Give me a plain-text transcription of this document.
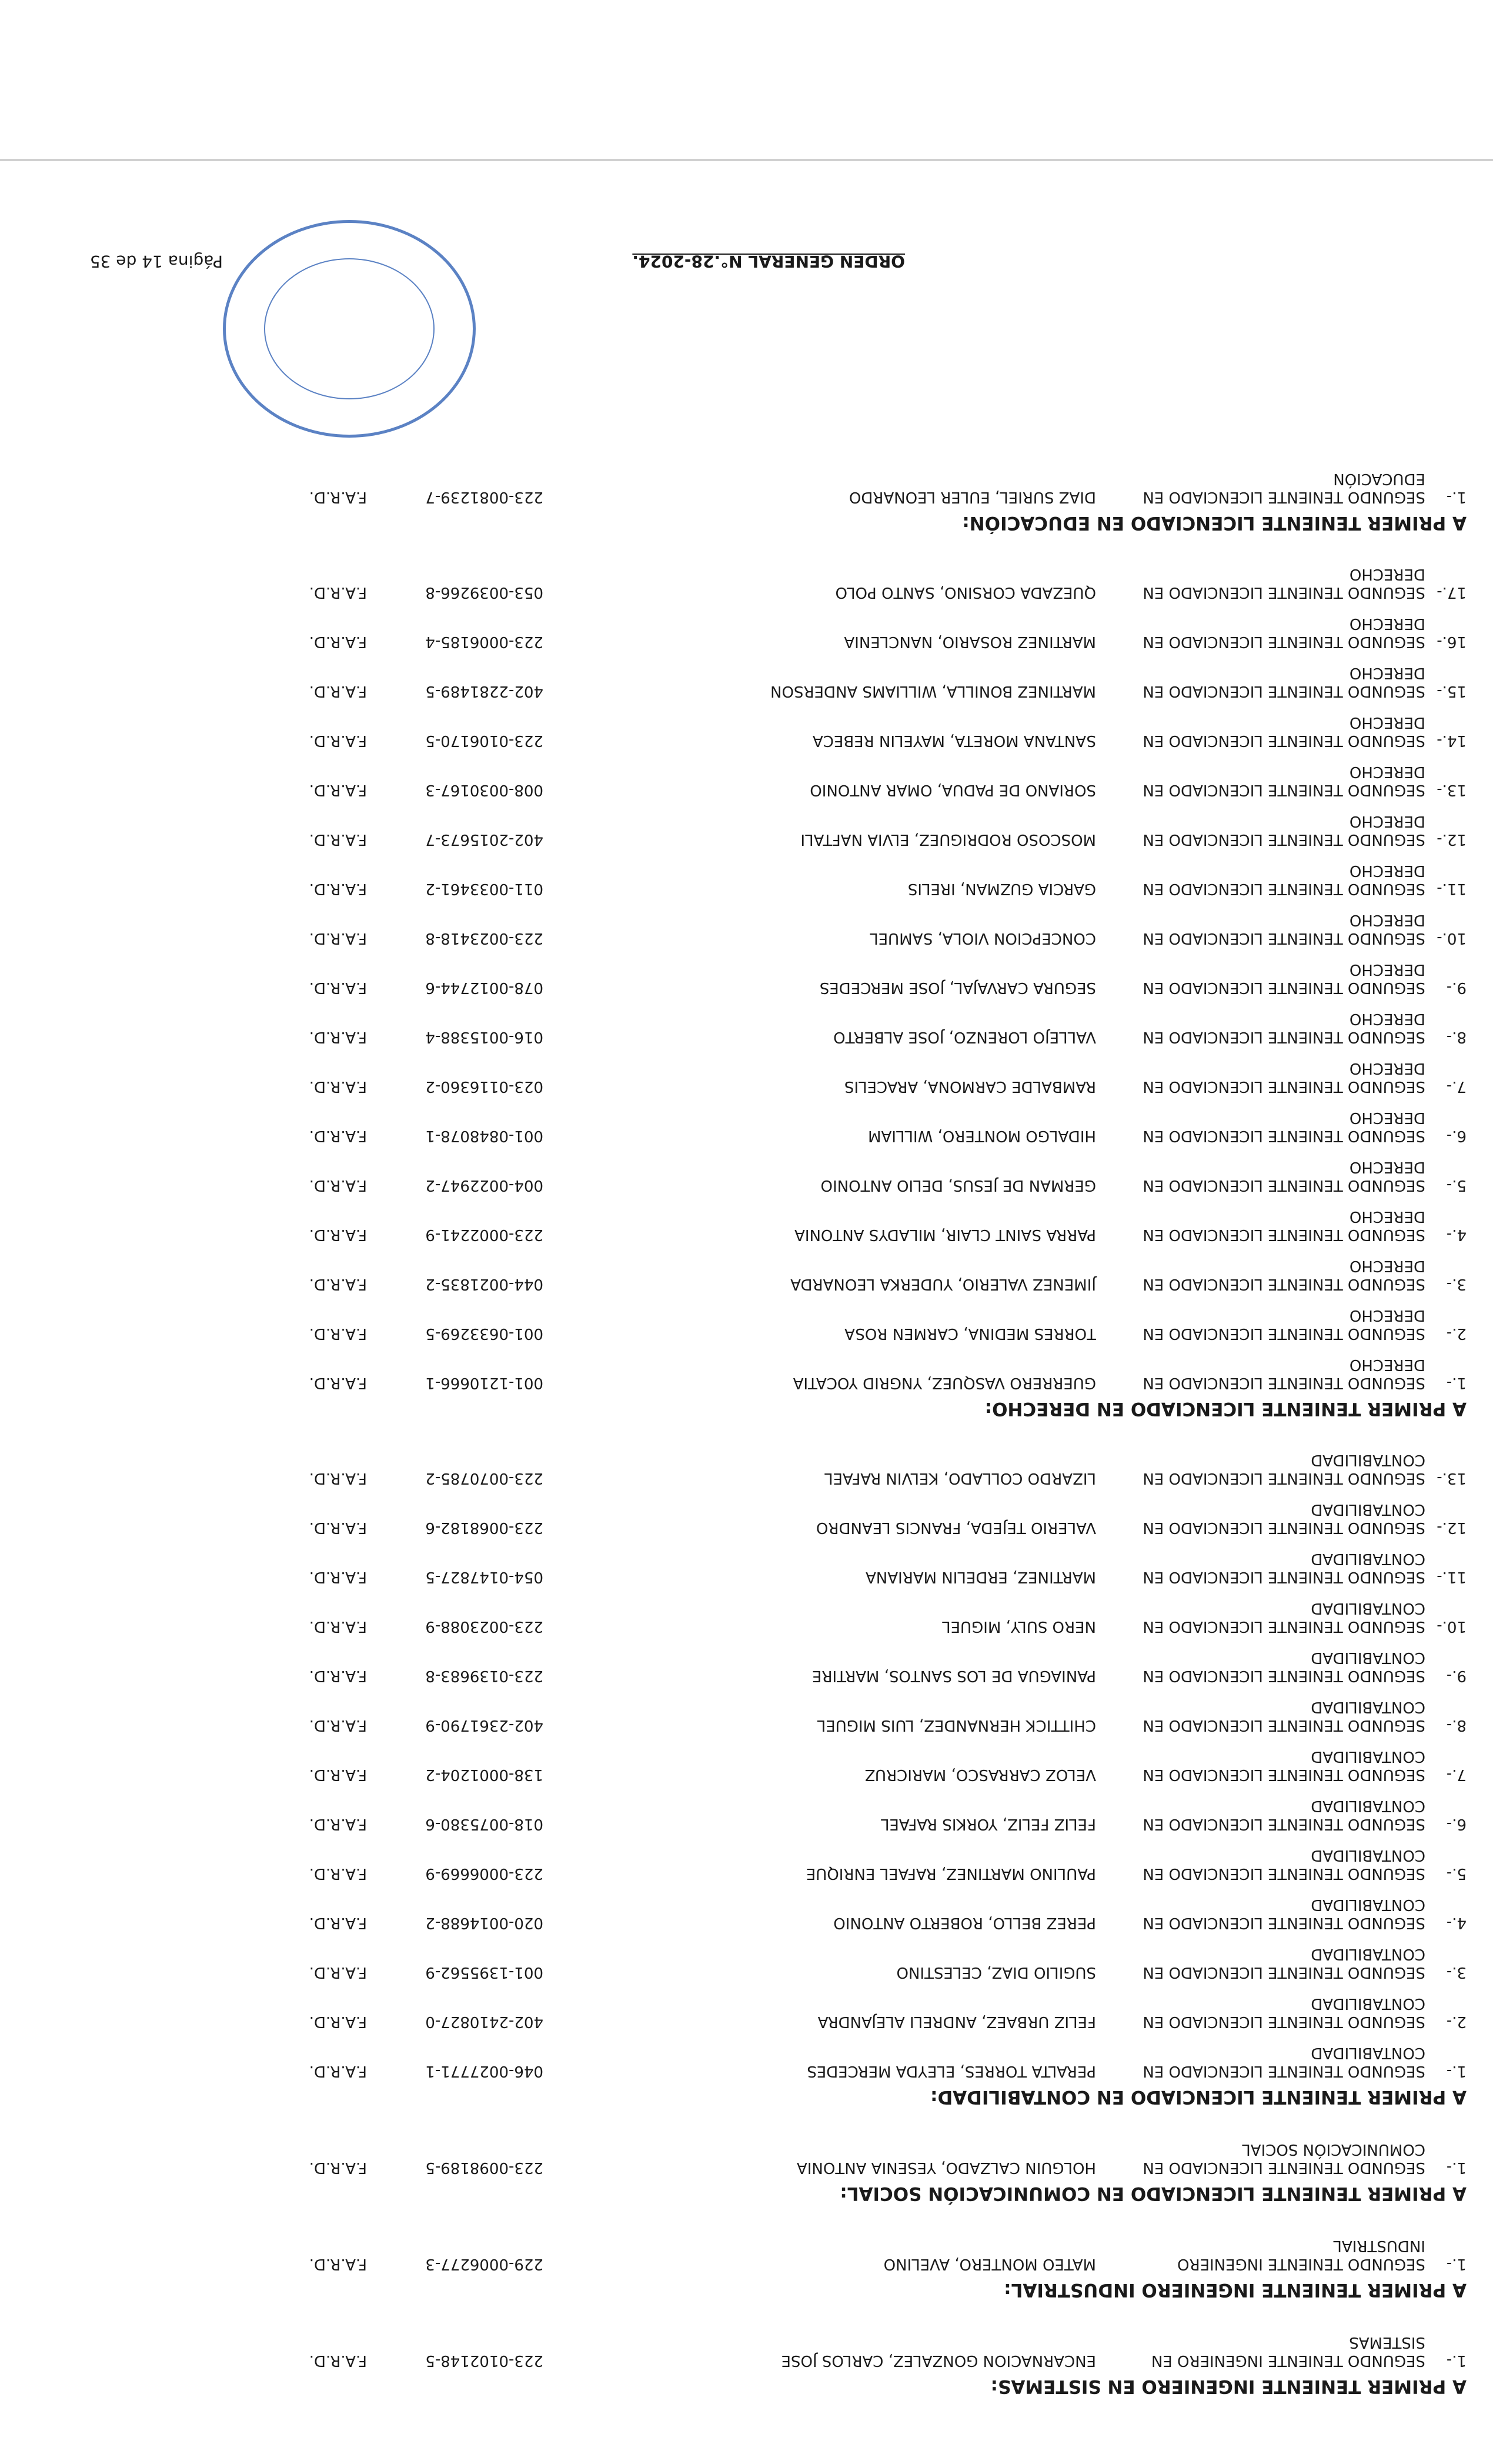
A PRIMER TENIENTE INGENIERO EN SISTEMAS:
1.-
SEGUNDO TENIENTE INGENIERO EN SISTEMAS
ENCARNACION GONZALEZ, CARLOS JOSE
223-0102148-5
F.A.R.D.
A PRIMER TENIENTE INGENIERO INDUSTRIAL:
1.-
SEGUNDO TENIENTE INGENIERO INDUSTRIAL
MATEO MONTERO, AVELINO
229-0006277-3
F.A.R.D.
A PRIMER TENIENTE LICENCIADO EN COMUNICACIÓN SOCIAL:
1.-
SEGUNDO TENIENTE LICENCIADO EN COMUNICACIÓN SOCIAL
HOLGUIN CALZADO, YESENIA ANTONIA
223-0098189-5
F.A.R.D.
A PRIMER TENIENTE LICENCIADO EN CONTABILIDAD:
1.-
SEGUNDO TENIENTE LICENCIADO EN CONTABILIDAD
PERALTA TORRES, ELEYDA MERCEDES
046-0027771-1
F.A.R.D.
2.-
SEGUNDO TENIENTE LICENCIADO EN CONTABILIDAD
FELIZ URBAEZ, ANDRELI ALEJANDRA
402-2410827-0
F.A.R.D.
3.-
SEGUNDO TENIENTE LICENCIADO EN CONTABILIDAD
SUGILIO DIAZ, CELESTINO
001-1395562-9
F.A.R.D.
4.-
SEGUNDO TENIENTE LICENCIADO EN CONTABILIDAD
PEREZ BELLO, ROBERTO ANTONIO
020-0014688-2
F.A.R.D.
5.-
SEGUNDO TENIENTE LICENCIADO EN CONTABILIDAD
PAULINO MARTINEZ, RAFAEL ENRIQUE
223-0006669-9
F.A.R.D.
6.-
SEGUNDO TENIENTE LICENCIADO EN CONTABILIDAD
FELIZ FELIZ, YORKIS RAFAEL
018-0075380-6
F.A.R.D.
7.-
SEGUNDO TENIENTE LICENCIADO EN CONTABILIDAD
VELOZ CARRASCO, MARICRUZ
138-0001204-2
F.A.R.D.
8.-
SEGUNDO TENIENTE LICENCIADO EN CONTABILIDAD
CHITTICK HERNANDEZ, LUIS MIGUEL
402-2361790-9
F.A.R.D.
9.-
SEGUNDO TENIENTE LICENCIADO EN CONTABILIDAD
PANIAGUA DE LOS SANTOS, MARTIRE
223-0139683-8
F.A.R.D.
10.-
SEGUNDO TENIENTE LICENCIADO EN CONTABILIDAD
NERO SULY, MIGUEL
223-0023088-9
F.A.R.D.
11.-
SEGUNDO TENIENTE LICENCIADO EN CONTABILIDAD
MARTINEZ, ERDELIN MARIANA
054-0147827-5
F.A.R.D.
12.-
SEGUNDO TENIENTE LICENCIADO EN CONTABILIDAD
VALERIO TEJEDA, FRANCIS LEANDRO
223-0068182-6
F.A.R.D.
13.-
SEGUNDO TENIENTE LICENCIADO EN CONTABILIDAD
LIZARDO COLLADO, KELVIN RAFAEL
223-0070785-2
F.A.R.D.
A PRIMER TENIENTE LICENCIADO EN DERECHO:
1.-
SEGUNDO TENIENTE LICENCIADO EN DERECHO
GUERRERO VASQUEZ, YNGRID YOCATIA
001-1210666-1
F.A.R.D.
2.-
SEGUNDO TENIENTE LICENCIADO EN DERECHO
TORRES MEDINA, CARMEN ROSA
001-0633269-5
F.A.R.D.
3.-
SEGUNDO TENIENTE LICENCIADO EN DERECHO
JIMENEZ VALERIO, YUDERKA LEONARDA
044-0021835-2
F.A.R.D.
4.-
SEGUNDO TENIENTE LICENCIADO EN DERECHO
PARRA SAINT CLAIR, MILADYS ANTONIA
223-0002241-9
F.A.R.D.
5.-
SEGUNDO TENIENTE LICENCIADO EN DERECHO
GERMAN DE JESUS, DELIO ANTONIO
004-0022947-2
F.A.R.D.
6.-
SEGUNDO TENIENTE LICENCIADO EN DERECHO
HIDALGO MONTERO, WILLIAM
001-0848078-1
F.A.R.D.
7.-
SEGUNDO TENIENTE LICENCIADO EN DERECHO
RAMBALDE CARMONA, ARACELIS
023-0116360-2
F.A.R.D.
8.-
SEGUNDO TENIENTE LICENCIADO EN DERECHO
VALLEJO LORENZO, JOSE ALBERTO
016-0015388-4
F.A.R.D.
9.-
SEGUNDO TENIENTE LICENCIADO EN DERECHO
SEGURA CARVAJAL, JOSE MERCEDES
078-0012744-6
F.A.R.D.
10.-
SEGUNDO TENIENTE LICENCIADO EN DERECHO
CONCEPCION VIOLA, SAMUEL
223-0023418-8
F.A.R.D.
11.-
SEGUNDO TENIENTE LICENCIADO EN DERECHO
GARCIA GUZMAN, IRELIS
011-0033461-2
F.A.R.D.
12.-
SEGUNDO TENIENTE LICENCIADO EN DERECHO
MOSCOSO RODRIGUEZ, ELVIA NAFTALI
402-2015673-7
F.A.R.D.
13.-
SEGUNDO TENIENTE LICENCIADO EN DERECHO
SORIANO DE PADUA, OMAR ANTONIO
008-0030167-3
F.A.R.D.
14.-
SEGUNDO TENIENTE LICENCIADO EN DERECHO
SANTANA MORETA, MAYELIN REBECA
223-0106170-5
F.A.R.D.
15.-
SEGUNDO TENIENTE LICENCIADO EN DERECHO
MARTINEZ BONILLA, WILLIAMS ANDERSON
402-2281489-5
F.A.R.D.
16.-
SEGUNDO TENIENTE LICENCIADO EN DERECHO
MARTINEZ ROSARIO, NANCLENIA
223-0006185-4
F.A.R.D.
17.-
SEGUNDO TENIENTE LICENCIADO EN DERECHO
QUEZADA CORSINO, SANTO POLO
053-0039266-8
F.A.R.D.
A PRIMER TENIENTE LICENCIADO EN EDUCACIÓN:
1.-
SEGUNDO TENIENTE LICENCIADO EN EDUCACIÓN
DIAZ SURIEL, EULER LEONARDO
223-0081239-7
F.A.R.D.
ORDEN GENERAL N°.28-2024.
Página 14 de 35
